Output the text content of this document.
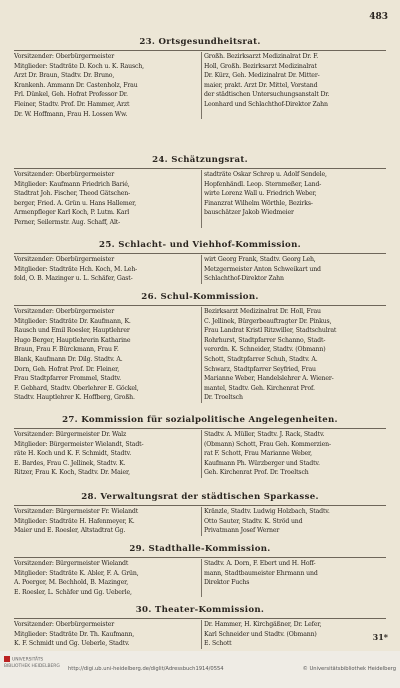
483
23. Ortsgesundheitsrat.
Vorsitzender: Oberbürgermeister
Mitglieder: Stadträte D. Koch u. K. Rausch,
Arzt Dr. Braun, Stadtv. Dr. Bruno,
Krankenh. Ammann Dr. Castenholz, Frau
Frl. Dünkel, Geh. Hofrat Professor Dr.
Fleiner, Stadtv. Prof. Dr. Hammer, Arzt
Dr. W. Hoffmann, Frau H. Lossen Ww.
Großh. Bezirksarzt Medizinalrat Dr. F.
Holl, Großh. Bezirksarzt Medizinalrat
Dr. Kürz, Geh. Medizinalrat Dr. Mitter-
maier, prakt. Arzt Dr. Mittel, Vorstand
der städtischen Untersuchungsanstalt Dr.
Leonhard und Schlachthof-Direktor Zahn
24. Schätzungsrat.
Vorsitzender: Oberbürgermeister
Mitglieder: Kaufmann Friedrich Barié,
Stadtrat Joh. Fischer, Theod Gätschen-
berger, Fried. A. Grün u. Hans Hallemer,
Armenpfleger Karl Koch, P. Lutm. Karl
Perner, Seilermstr. Aug. Schaff, Alt-
stadträte Oskar Schrep u. Adolf Sendele,
Hopfenhändl. Leop. Sternmeßer, Land-
wirte Lorenz Wall u. Friedrich Weber,
Finanzrat Wilhelm Wörthle, Bezirks-
bauschätzer Jakob Wiedmeier
25. Schlacht- und Viehhof-Kommission.
Vorsitzender: Oberbürgermeister
Mitglieder: Stadträte Hch. Koch, M. Leh-
fold, O. B. Mazinger u. L. Schäfer, Gast-
wirt Georg Frank, Stadtv. Georg Leh,
Metzgermeister Anton Schweikart und
Schlachthof-Direktor Zahn
26. Schul-Kommission.
Vorsitzender: Oberbürgermeister
Mitglieder: Stadträte Dr. Kaufmann, K.
Rausch und Emil Roesler, Hauptlehrer
Hugo Berger, Hauptlehrerin Katharine
Braun, Frau F. Bürckmann, Frau F.
Blank, Kaufmann Dr. Dilg. Stadtv. A.
Dorn, Geh. Hofrat Prof. Dr. Fleiner,
Frau Stadtpfarrer Frommel, Stadtv.
F. Gebhard, Stadtv. Oberlehrer E. Göckel,
Stadtv. Hauptlehrer K. Hoffberg, Großh.
Bezirksarzt Medizinalrat Dr. Holl, Frau
C. Jellinek, Bürgerbeauftragter Dr. Pinkus,
Frau Landrat Kristl Ritzwiller, Stadtschulrat
Rohrhurst, Stadtpfarrer Schanno, Stadt-
verordn. K. Schneider, Stadtv. (Obmann)
Schott, Stadtpfarrer Schuh, Stadtv. A.
Schwarz, Stadtpfarrer Seyfried, Frau
Marianne Weber, Handelslehrer A. Wiener-
mantel, Stadtv. Geh. Kirchenrat Prof.
Dr. Troeltsch
27. Kommission für sozialpolitische Angelegenheiten.
Vorsitzender: Bürgermeister Dr. Walz
Mitglieder: Bürgermeister Wielandt, Stadt-
räte H. Koch und K. F. Schmidt, Stadtv.
E. Bardes, Frau C. Jellinek, Stadtv. K.
Ritzer, Frau K. Koch, Stadtv. Dr. Maier,
Stadtv. A. Müller, Stadtv. J. Rack, Stadtv.
(Obmann) Schott, Frau Geh. Kommerzien-
rat F. Schott, Frau Marianne Weber,
Kaufmann Ph. Würzberger und Stadtv.
Geh. Kirchenrat Prof. Dr. Troeltsch
28. Verwaltungsrat der städtischen Sparkasse.
Vorsitzender: Bürgermeister Fr. Wielandt
Mitglieder: Stadträte H. Hafenmeyer, K.
Maier und E. Roesler, Altstadtrat Gg.
Kränzle, Stadtv. Ludwig Holzbach, Stadtv.
Otto Sauter, Stadtv. K. Ströd und
Privatmann Josef Werner
29. Stadthalle-Kommission.
Vorsitzender: Bürgermeister Wielandt
Mitglieder: Stadträte K. Abler, F. A. Grün,
A. Poerger, M. Bechhold, B. Mazinger,
E. Roesler, L. Schäfer und Gg. Ueberle,
Stadtv. A. Dorn, F. Ebert und H. Hoff-
mann, Stadtbaumeister Ehrmann und
Direktor Fuchs
30. Theater-Kommission.
Vorsitzender: Oberbürgermeister
Mitglieder: Stadträte Dr. Th. Kaufmann,
K. F. Schmidt und Gg. Ueberle, Stadtv.
Dr. Hammer, H. Kirchgäßner, Dr. Lefer,
Karl Schneider und Stadtv. (Obmann)
E. Schott
31*
UNIVERSITÄTS BIBLIOTHEK HEIDELBERG	http://digi.ub.uni-heidelberg.de/diglit/Adressbuch1914/0554	© Universitätsbibliothek Heidelberg
